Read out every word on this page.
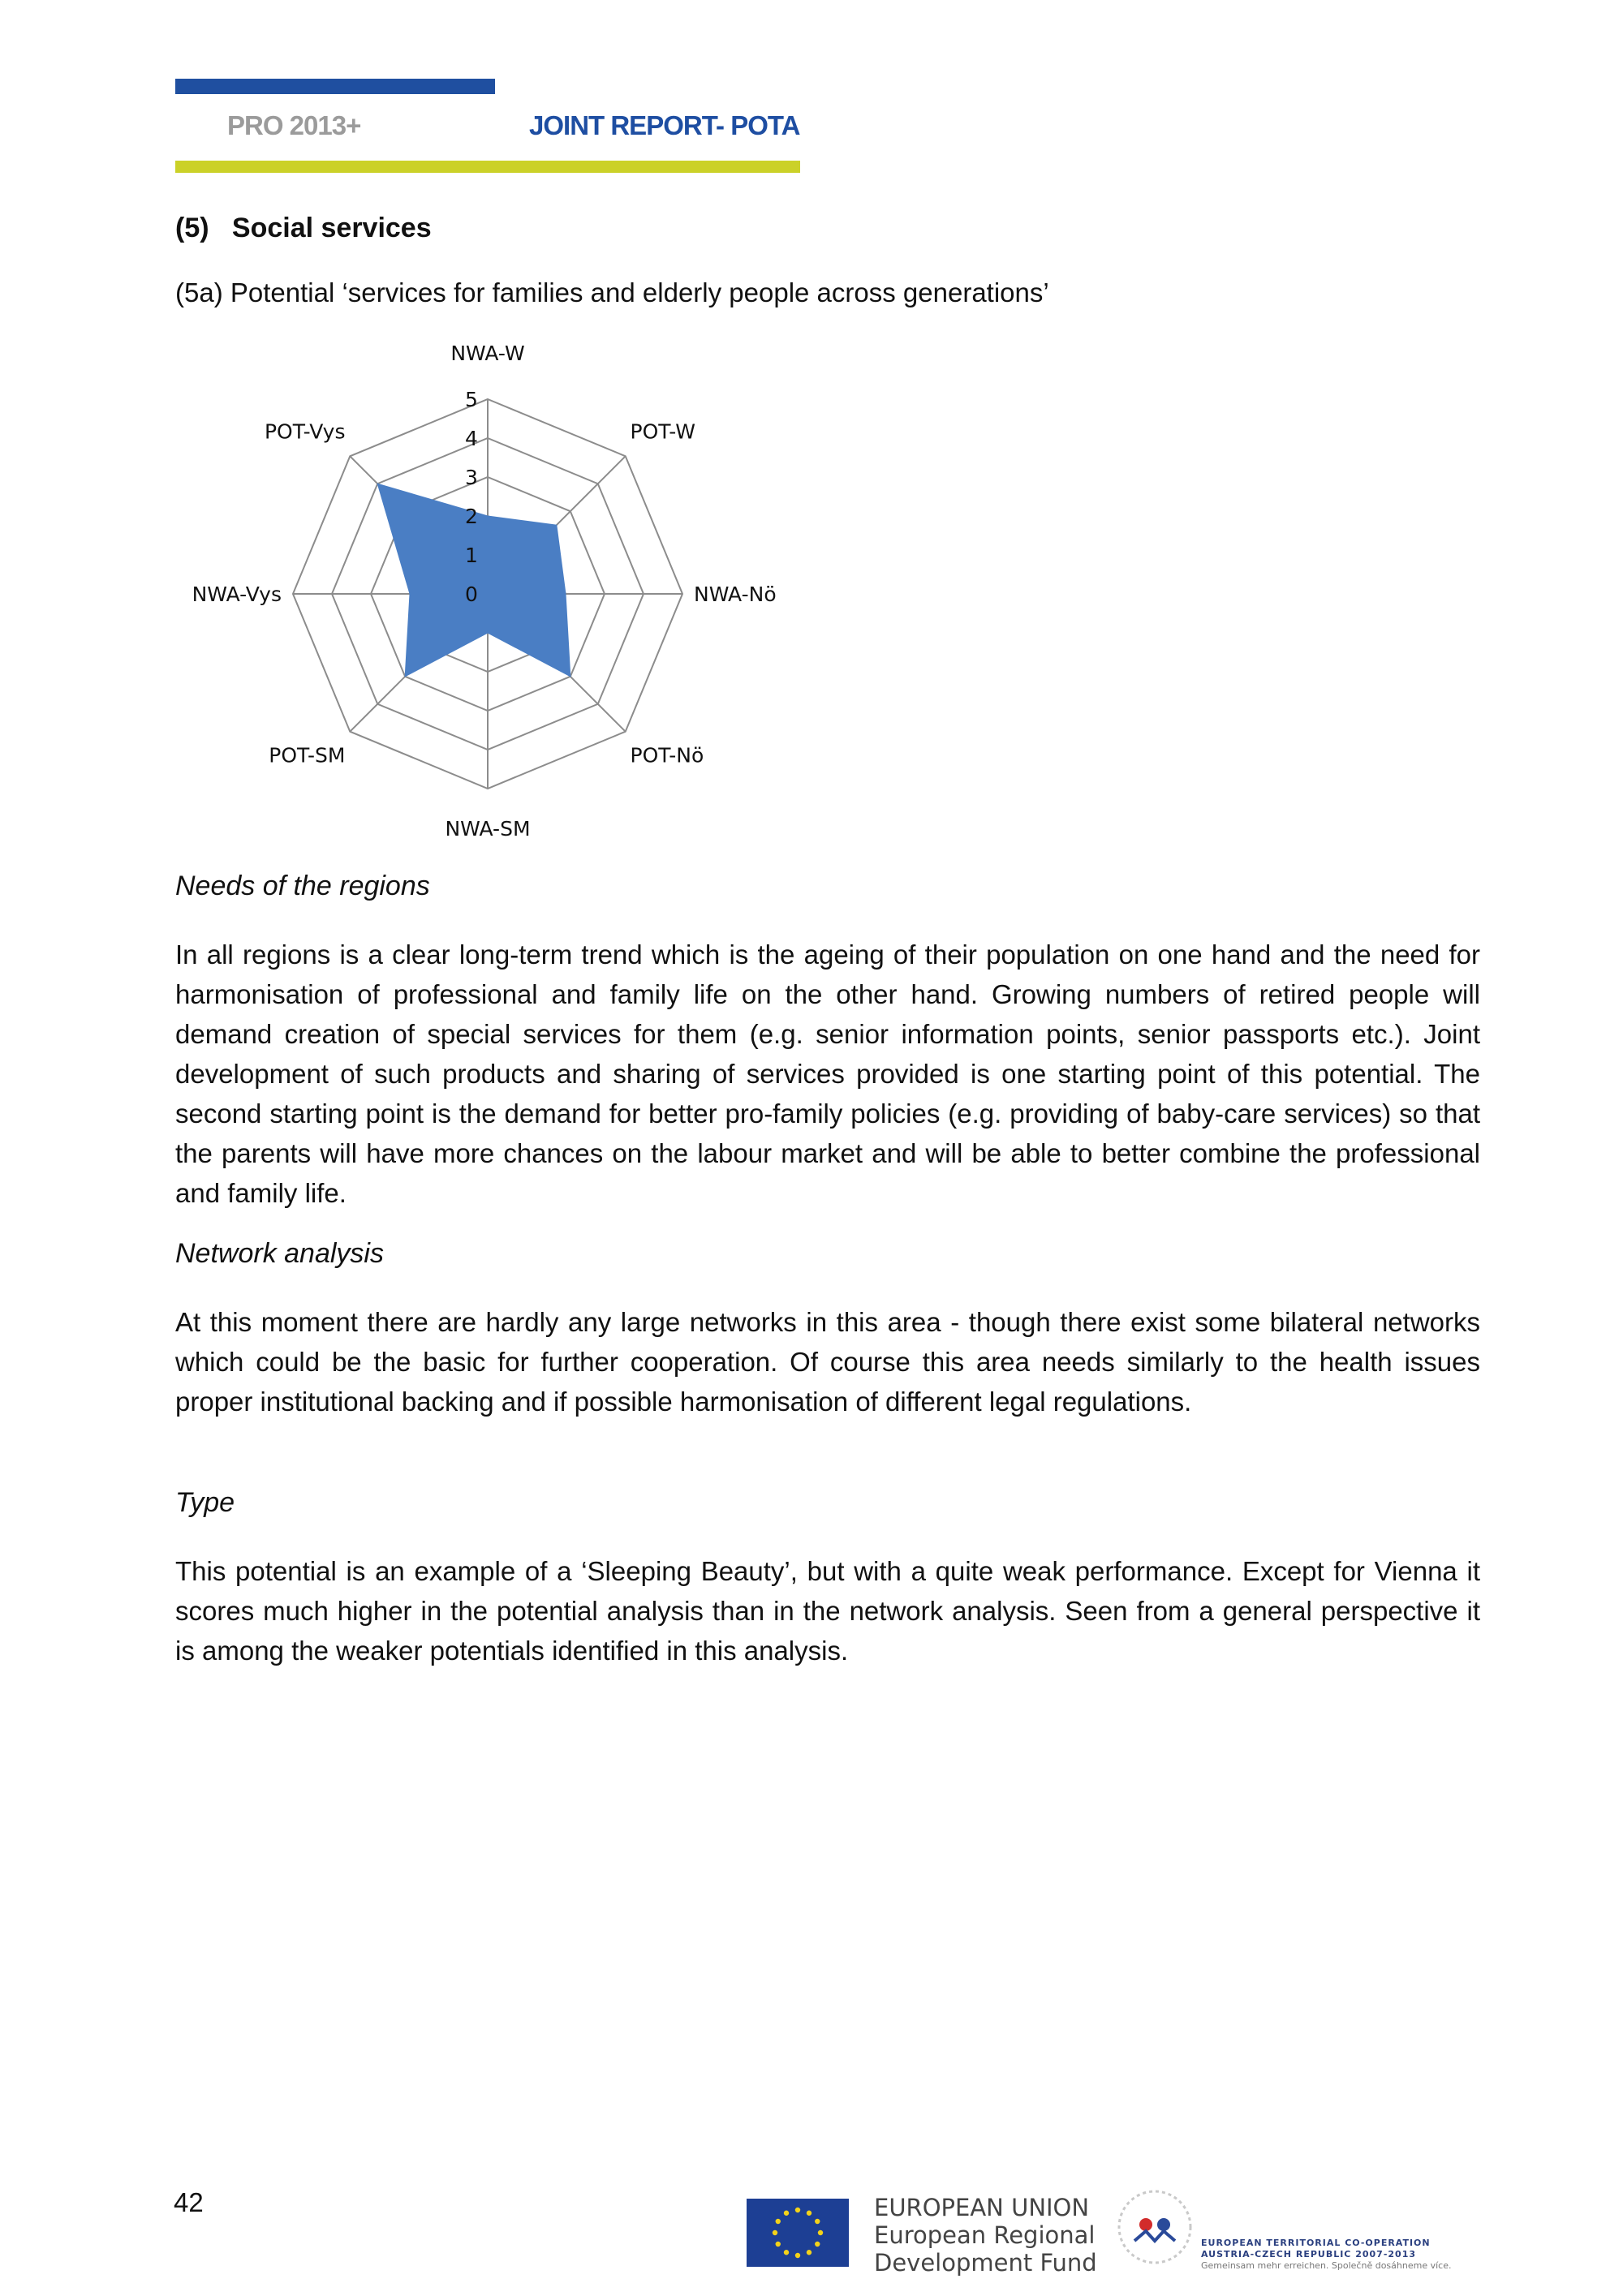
PRO 2013+	JOINT REPORT- POTA
(5)   Social services
(5a) Potential ‘services for families and elderly people across generations’
0
1
2
3
4
5
NWA-W
POT-W
NWA-Nö
POT-Nö
NWA-SM
POT-SM
NWA-Vys
POT-Vys
Needs of the regions
In all regions is a clear long-term trend which is the ageing of their population on one hand and the need for harmonisation of professional and family life on the other hand. Growing numbers of retired people will demand creation of special services for them (e.g. senior information points, senior passports etc.). Joint development of such products and sharing of services provided is one starting point of this potential. The second starting point is the demand for better pro-family policies (e.g. providing of baby-care services) so that the parents will have more chances on the labour market and will be able to better combine the professional and family life.
Network analysis
At this moment there are hardly any large networks in this area - though there exist some bilateral networks which could be the basic for further cooperation. Of course this area needs similarly to the health issues proper institutional backing and if possible harmonisation of different legal regulations.
Type
This potential is an example of a ‘Sleeping Beauty’, but with a quite weak performance. Except for Vienna it scores much higher in the potential analysis than in the network analysis. Seen from a general perspective it is among the weaker potentials identified in this analysis.
42	EUROPEAN UNION
European Regional
Development Fund
EUROPEAN TERRITORIAL CO-OPERATION
AUSTRIA-CZECH REPUBLIC 2007-2013
Gemeinsam mehr erreichen. Společně dosáhneme více.
